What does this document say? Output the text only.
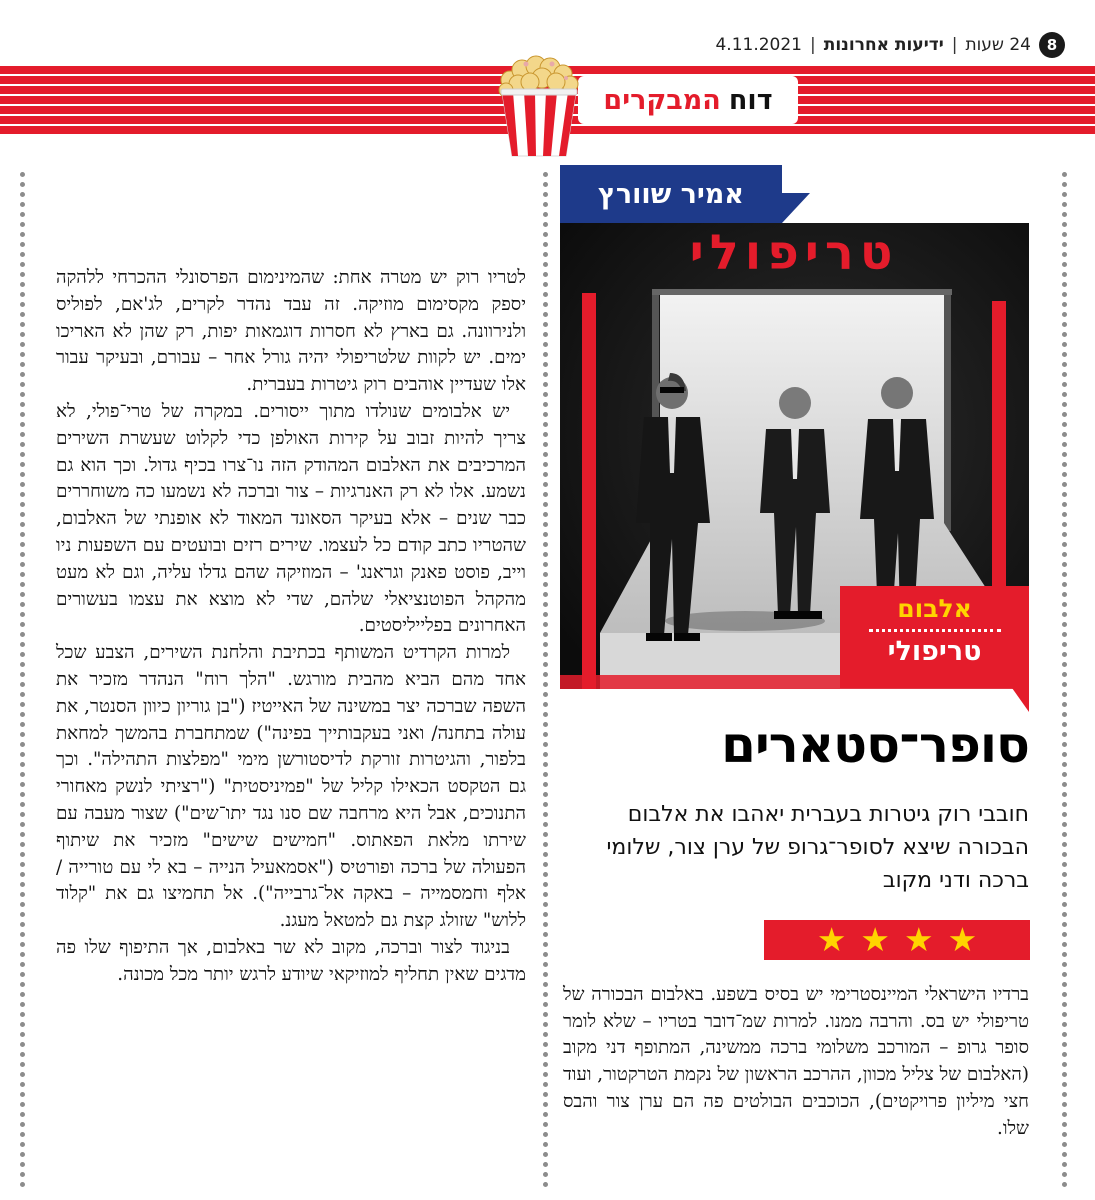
8
24 שעות
|
ידיעות אחרונות
|
4.11.2021
דוח
המבקרים
אמיר שוורץ
טריפולי
אלבום
טריפולי
סופר־סטארים
חובבי רוק גיטרות בעברית יאהבו את אלבום הבכורה שיצא לסופר־גרופ של ערן צור, שלומי ברכה ודני מקוב
★
★
★
★

ברדיו הישראלי המיינסטרימי יש בסיס בשפע. באלבום הבכורה של טריפולי יש בס. והרבה ממנו. למרות שמ־דובר בטריו – שלא לומר סופר גרופ – המורכב משלומי ברכה ממשינה, המתופף דני מקוב (האלבום של צליל מכוון, ההרכב הראשון של נקמת הטרקטור, ועוד חצי מיליון פרויקטים), הכוכבים הבולטים פה הם ערן צור והבס שלו.

לטריו רוק יש מטרה אחת: שהמינימום הפרסונלי ההכרחי ללהקה יספק מקסימום מוזיקה. זה עבד נהדר לקרים, לג'אם, לפוליס ולנירוונה. גם בארץ לא חסרות דוגמאות יפות, רק שהן לא האריכו ימים. יש לקוות שלטריפולי יהיה גורל אחר – עבורם, ובעיקר עבור אלו שעדיין אוהבים רוק גיטרות בעברית.

יש אלבומים שנולדו מתוך ייסורים. במקרה של טרי־פולי, לא צריך להיות זבוב על קירות האולפן כדי לקלוט שעשרת השירים המרכיבים את האלבום המהודק הזה נו־צרו בכיף גדול. וכך הוא גם נשמע. אלו לא רק האנרגיות – צור וברכה לא נשמעו כה משוחררים כבר שנים – אלא בעיקר הסאונד המאוד לא אופנתי של האלבום, שהטריו כתב קודם כל לעצמו. שירים רזים ובועטים עם השפעות ניו וייב, פוסט פאנק וגראנג' – המוזיקה שהם גדלו עליה, וגם לא מעט מהקהל הפוטנציאלי שלהם, שדי לא מוצא את עצמו בעשורים האחרונים בפלייליסטים.

למרות הקרדיט המשותף בכתיבת והלחנת השירים, הצבע שכל אחד מהם הביא מהבית מורגש. "הלך רוח" הנהדר מזכיר את השפה שברכה יצר במשינה של האייטיז ("בן גוריון כיוון הסנטר, את עולה בתחנה/ ואני בעקבותייך בפינה") שמתחברת בהמשך למחאת בלפור, והגיטרות זורקת לדיסטורשן מימי "מפלצות התהילה". וכך גם הטקסט הכאילו קליל של "פמיניסטית" ("רציתי לנשק מאחורי התנוכים, אבל היא מרחבה שם סנו נגד יתו־שים") שצור מעבה עם שירתו מלאת הפאתוס. "חמישים שישים" מזכיר את שיתוף הפעולה של ברכה ופורטיס ("אסמאעיל הנייה – בא לי עם טורייה / אלף וחמסמייה – באקה אל־גרבייה"). אל תחמיצו גם את "קלוד ללוש" שזולג קצת גם למטאל מעגנ.

בניגוד לצור וברכה, מקוב לא שר באלבום, אך התיפוף שלו פה מדגים שאין תחליף למוזיקאי שיודע לרגש יותר מכל מכונה.
